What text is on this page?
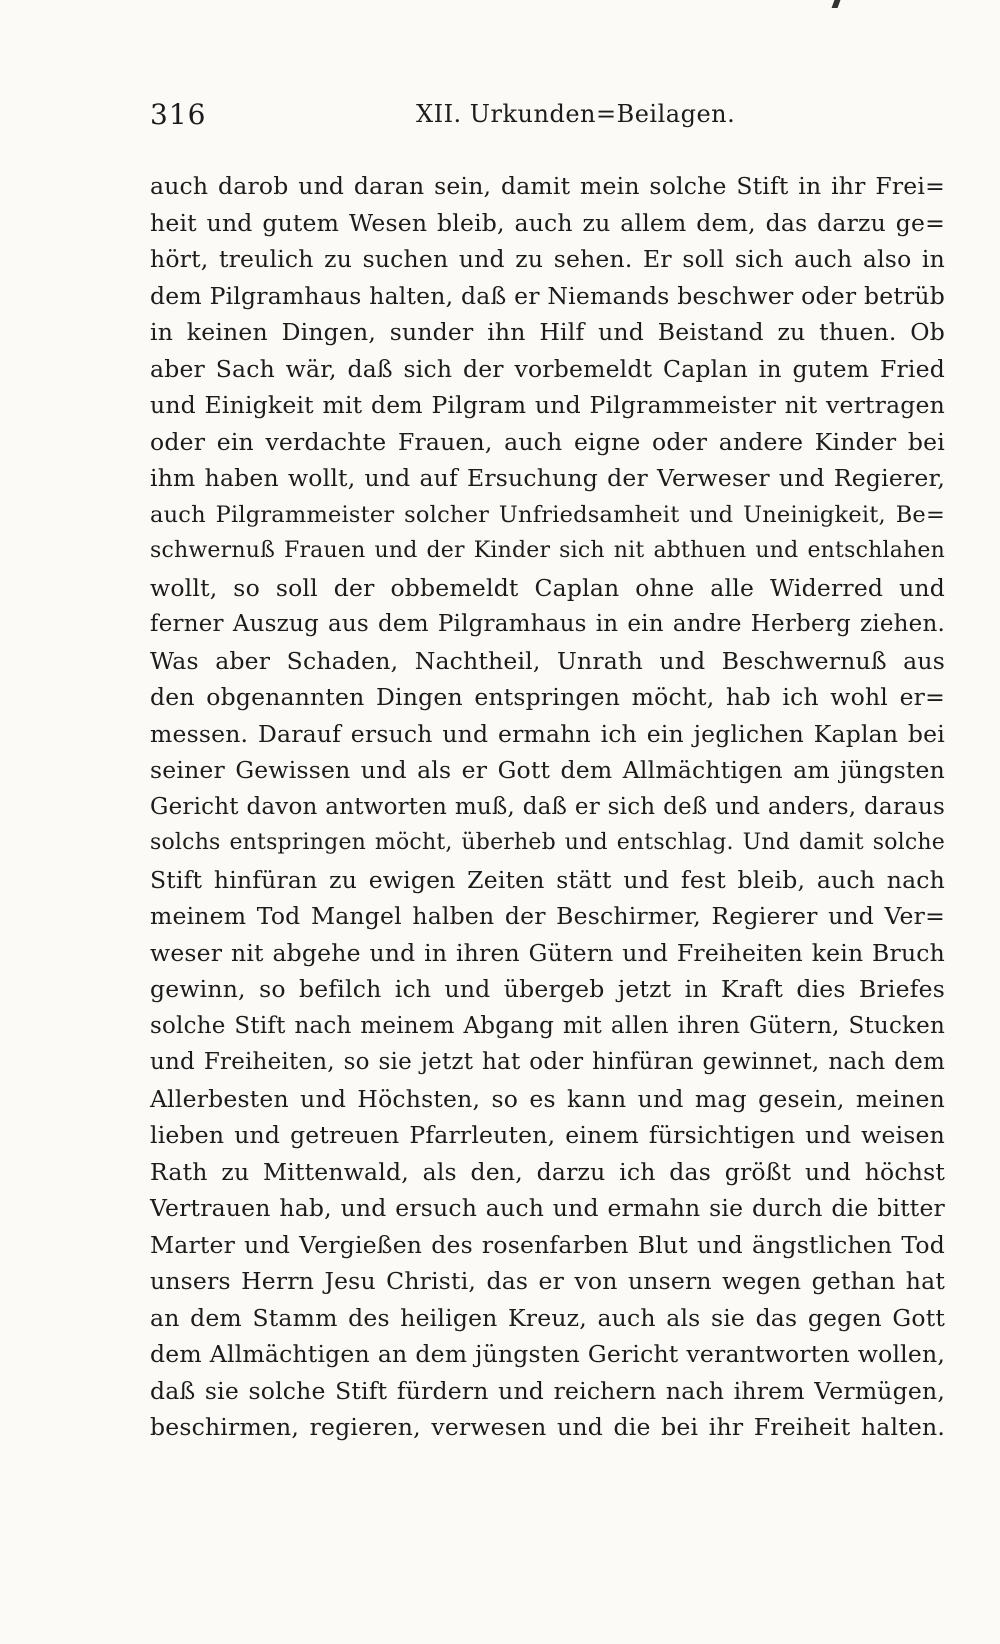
316	XII. Urkunden=Beilagen.
auch darob und daran sein, damit mein solche Stift in ihr Frei=
heit und gutem Wesen bleib, auch zu allem dem, das darzu ge=
hört, treulich zu suchen und zu sehen. Er soll sich auch also in
dem Pilgramhaus halten, daß er Niemands beschwer oder betrüb
in keinen Dingen, sunder ihn Hilf und Beistand zu thuen. Ob
aber Sach wär, daß sich der vorbemeldt Caplan in gutem Fried
und Einigkeit mit dem Pilgram und Pilgrammeister nit vertragen
oder ein verdachte Frauen, auch eigne oder andere Kinder bei
ihm haben wollt, und auf Ersuchung der Verweser und Regierer,
auch Pilgrammeister solcher Unfriedsamheit und Uneinigkeit, Be=
schwernuß Frauen und der Kinder sich nit abthuen und entschlahen
wollt, so soll der obbemeldt Caplan ohne alle Widerred und
ferner Auszug aus dem Pilgramhaus in ein andre Herberg ziehen.
Was aber Schaden, Nachtheil, Unrath und Beschwernuß aus
den obgenannten Dingen entspringen möcht, hab ich wohl er=
messen. Darauf ersuch und ermahn ich ein jeglichen Kaplan bei
seiner Gewissen und als er Gott dem Allmächtigen am jüngsten
Gericht davon antworten muß, daß er sich deß und anders, daraus
solchs entspringen möcht, überheb und entschlag. Und damit solche
Stift hinfüran zu ewigen Zeiten stätt und fest bleib, auch nach
meinem Tod Mangel halben der Beschirmer, Regierer und Ver=
weser nit abgehe und in ihren Gütern und Freiheiten kein Bruch
gewinn, so befilch ich und übergeb jetzt in Kraft dies Briefes
solche Stift nach meinem Abgang mit allen ihren Gütern, Stucken
und Freiheiten, so sie jetzt hat oder hinfüran gewinnet, nach dem
Allerbesten und Höchsten, so es kann und mag gesein, meinen
lieben und getreuen Pfarrleuten, einem fürsichtigen und weisen
Rath zu Mittenwald, als den, darzu ich das größt und höchst
Vertrauen hab, und ersuch auch und ermahn sie durch die bitter
Marter und Vergießen des rosenfarben Blut und ängstlichen Tod
unsers Herrn Jesu Christi, das er von unsern wegen gethan hat
an dem Stamm des heiligen Kreuz, auch als sie das gegen Gott
dem Allmächtigen an dem jüngsten Gericht verantworten wollen,
daß sie solche Stift fürdern und reichern nach ihrem Vermügen,
beschirmen, regieren, verwesen und die bei ihr Freiheit halten.
